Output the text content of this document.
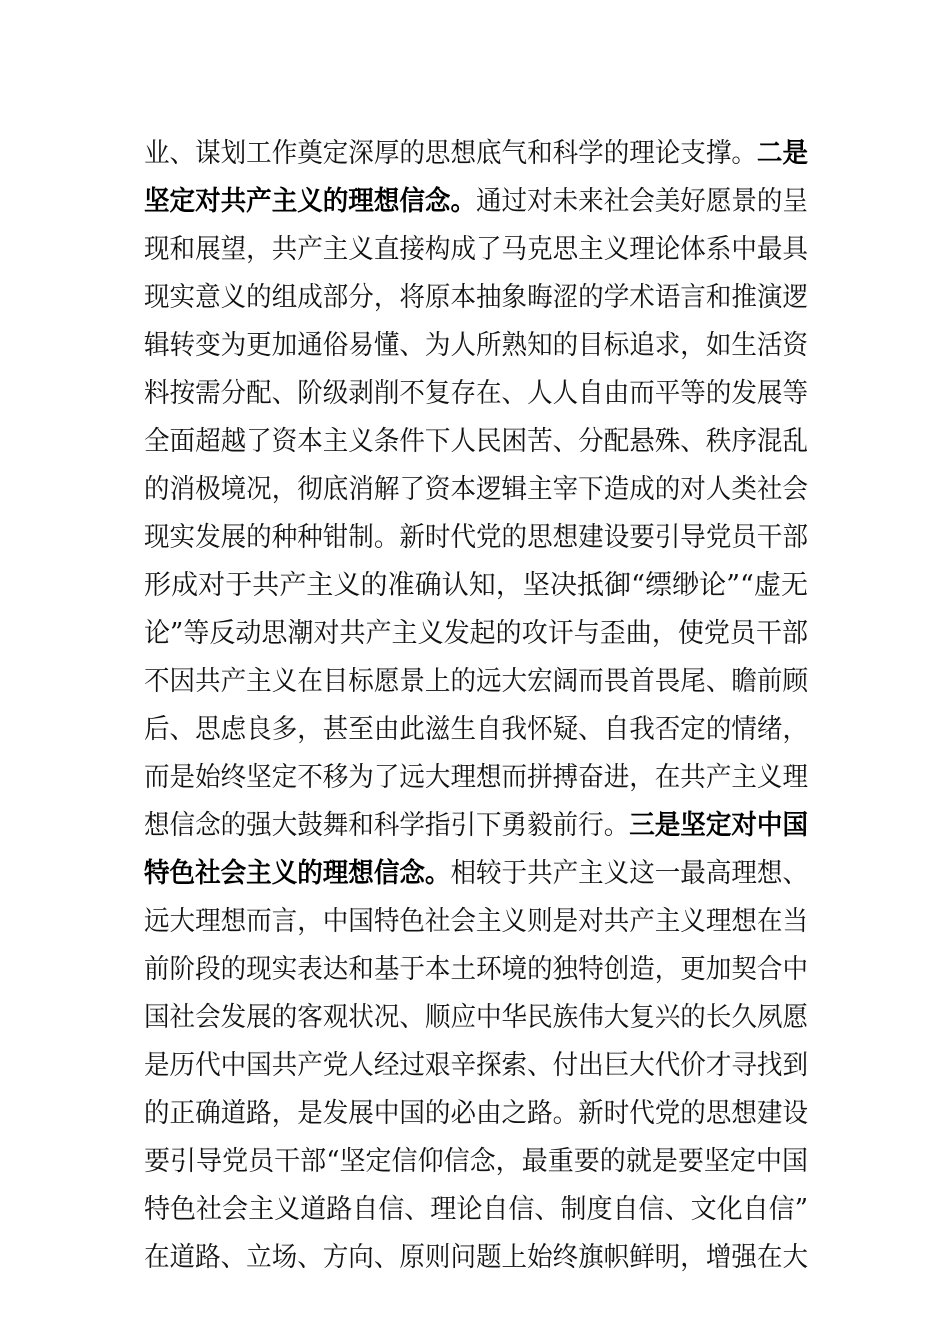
业、谋划工作奠定深厚的思想底气和科学的理论支撑。二是
坚定对共产主义的理想信念。通过对未来社会美好愿景的呈
现和展望，共产主义直接构成了马克思主义理论体系中最具
现实意义的组成部分，将原本抽象晦涩的学术语言和推演逻
辑转变为更加通俗易懂、为人所熟知的目标追求，如生活资
料按需分配、阶级剥削不复存在、人人自由而平等的发展等
全面超越了资本主义条件下人民困苦、分配悬殊、秩序混乱
的消极境况，彻底消解了资本逻辑主宰下造成的对人类社会
现实发展的种种钳制。新时代党的思想建设要引导党员干部
形成对于共产主义的准确认知，坚决抵御“缥缈论”“虚无
论”等反动思潮对共产主义发起的攻讦与歪曲，使党员干部
不因共产主义在目标愿景上的远大宏阔而畏首畏尾、瞻前顾
后、思虑良多，甚至由此滋生自我怀疑、自我否定的情绪，
而是始终坚定不移为了远大理想而拼搏奋进，在共产主义理
想信念的强大鼓舞和科学指引下勇毅前行。三是坚定对中国
特色社会主义的理想信念。相较于共产主义这一最高理想、
远大理想而言，中国特色社会主义则是对共产主义理想在当
前阶段的现实表达和基于本土环境的独特创造，更加契合中
国社会发展的客观状况、顺应中华民族伟大复兴的长久夙愿
是历代中国共产党人经过艰辛探索、付出巨大代价才寻找到
的正确道路，是发展中国的必由之路。新时代党的思想建设
要引导党员干部“坚定信仰信念，最重要的就是要坚定中国
特色社会主义道路自信、理论自信、制度自信、文化自信”
在道路、立场、方向、原则问题上始终旗帜鲜明，增强在大
